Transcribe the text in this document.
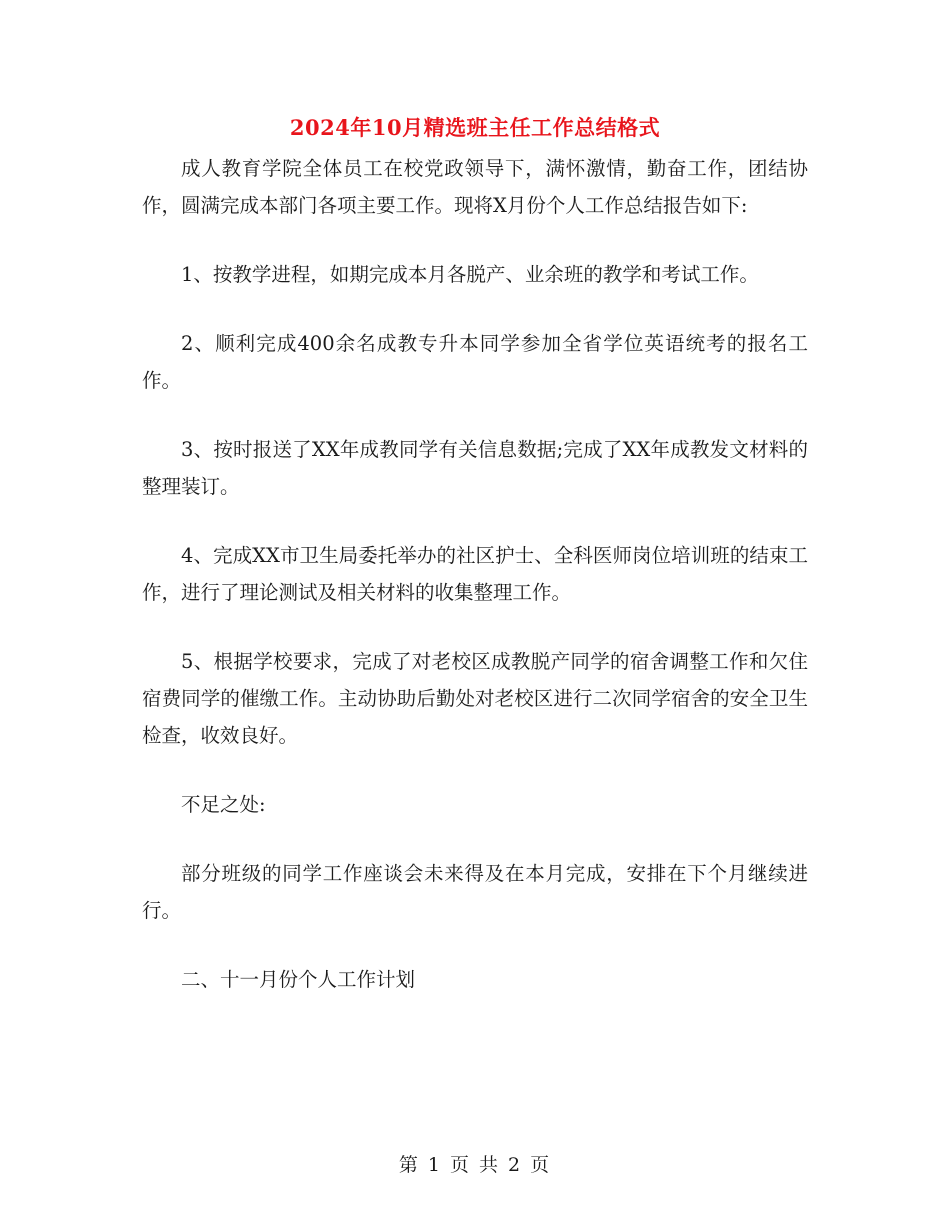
2024年10月精选班主任工作总结格式

成人教育学院全体员工在校党政领导下，满怀激情，勤奋工作，团结协作，圆满完成本部门各项主要工作。现将X月份个人工作总结报告如下:

1、按教学进程，如期完成本月各脱产、业余班的教学和考试工作。

2、顺利完成400余名成教专升本同学参加全省学位英语统考的报名工作。

3、按时报送了XX年成教同学有关信息数据;完成了XX年成教发文材料的整理装订。

4、完成XX市卫生局委托举办的社区护士、全科医师岗位培训班的结束工作，进行了理论测试及相关材料的收集整理工作。

5、根据学校要求，完成了对老校区成教脱产同学的宿舍调整工作和欠住宿费同学的催缴工作。主动协助后勤处对老校区进行二次同学宿舍的安全卫生检查，收效良好。

不足之处:

部分班级的同学工作座谈会未来得及在本月完成，安排在下个月继续进行。

二、十一月份个人工作计划

第 1 页 共 2 页
